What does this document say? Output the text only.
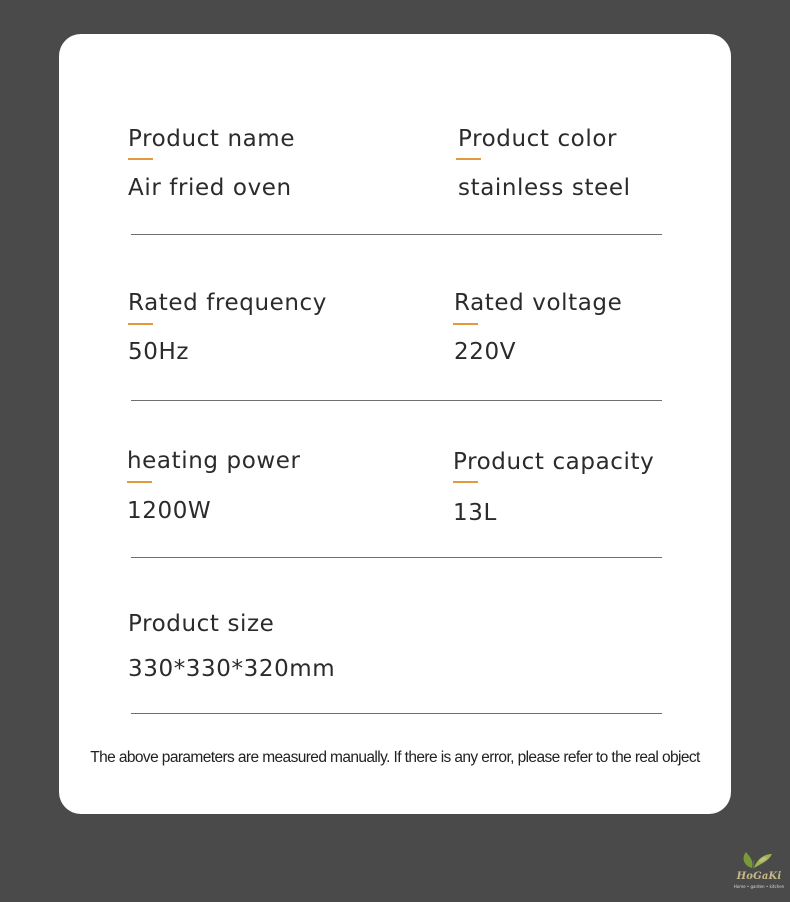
Product name
Air fried oven
Product color
stainless steel
Rated frequency
50Hz
Rated voltage
220V
heating power
1200W
Product capacity
13L
Product size
330*330*320mm
The above parameters are measured manually. If there is any error, please refer to the real object
HoGaKi
Home • garden • kitchen
